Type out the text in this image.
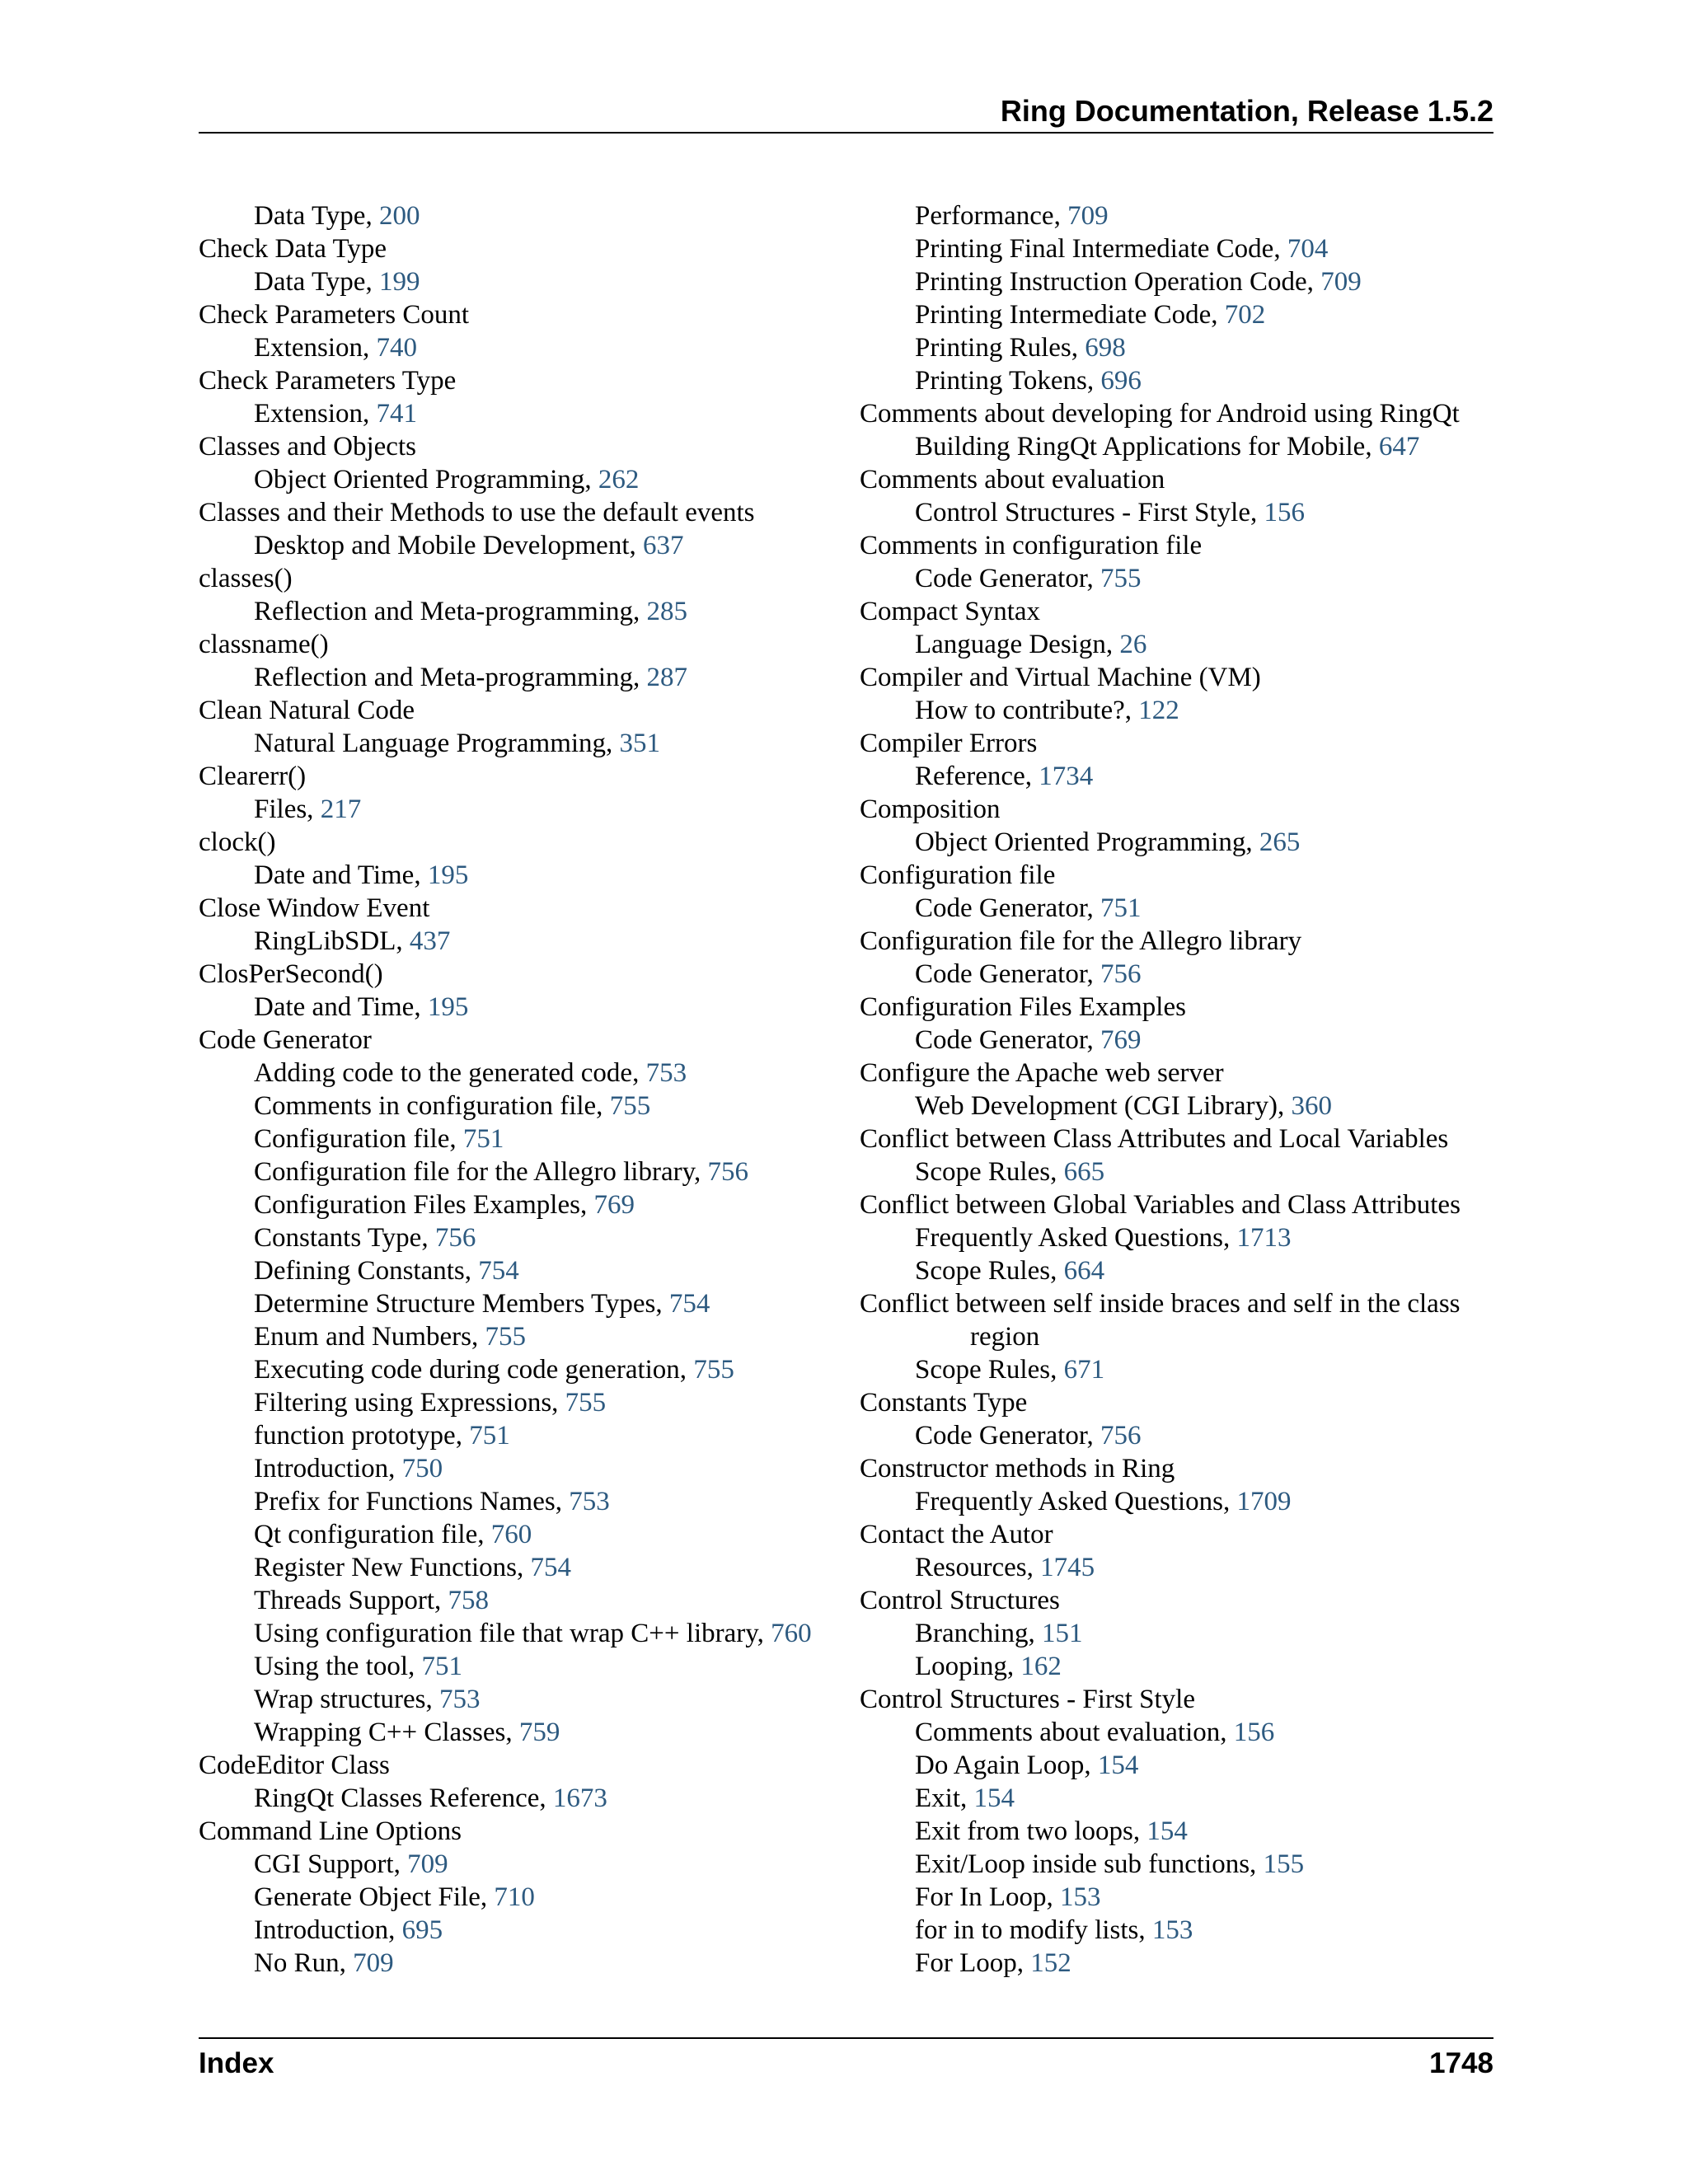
Ring Documentation, Release 1.5.2
Data Type, 200
Check Data Type
Data Type, 199
Check Parameters Count
Extension, 740
Check Parameters Type
Extension, 741
Classes and Objects
Object Oriented Programming, 262
Classes and their Methods to use the default events
Desktop and Mobile Development, 637
classes()
Reflection and Meta-programming, 285
classname()
Reflection and Meta-programming, 287
Clean Natural Code
Natural Language Programming, 351
Clearerr()
Files, 217
clock()
Date and Time, 195
Close Window Event
RingLibSDL, 437
ClosPerSecond()
Date and Time, 195
Code Generator
Adding code to the generated code, 753
Comments in configuration file, 755
Configuration file, 751
Configuration file for the Allegro library, 756
Configuration Files Examples, 769
Constants Type, 756
Defining Constants, 754
Determine Structure Members Types, 754
Enum and Numbers, 755
Executing code during code generation, 755
Filtering using Expressions, 755
function prototype, 751
Introduction, 750
Prefix for Functions Names, 753
Qt configuration file, 760
Register New Functions, 754
Threads Support, 758
Using configuration file that wrap C++ library, 760
Using the tool, 751
Wrap structures, 753
Wrapping C++ Classes, 759
CodeEditor Class
RingQt Classes Reference, 1673
Command Line Options
CGI Support, 709
Generate Object File, 710
Introduction, 695
No Run, 709
Performance, 709
Printing Final Intermediate Code, 704
Printing Instruction Operation Code, 709
Printing Intermediate Code, 702
Printing Rules, 698
Printing Tokens, 696
Comments about developing for Android using RingQt
Building RingQt Applications for Mobile, 647
Comments about evaluation
Control Structures - First Style, 156
Comments in configuration file
Code Generator, 755
Compact Syntax
Language Design, 26
Compiler and Virtual Machine (VM)
How to contribute?, 122
Compiler Errors
Reference, 1734
Composition
Object Oriented Programming, 265
Configuration file
Code Generator, 751
Configuration file for the Allegro library
Code Generator, 756
Configuration Files Examples
Code Generator, 769
Configure the Apache web server
Web Development (CGI Library), 360
Conflict between Class Attributes and Local Variables
Scope Rules, 665
Conflict between Global Variables and Class Attributes
Frequently Asked Questions, 1713
Scope Rules, 664
Conflict between self inside braces and self in the class
region
Scope Rules, 671
Constants Type
Code Generator, 756
Constructor methods in Ring
Frequently Asked Questions, 1709
Contact the Autor
Resources, 1745
Control Structures
Branching, 151
Looping, 162
Control Structures - First Style
Comments about evaluation, 156
Do Again Loop, 154
Exit, 154
Exit from two loops, 154
Exit/Loop inside sub functions, 155
For In Loop, 153
for in to modify lists, 153
For Loop, 152
Index	1748
